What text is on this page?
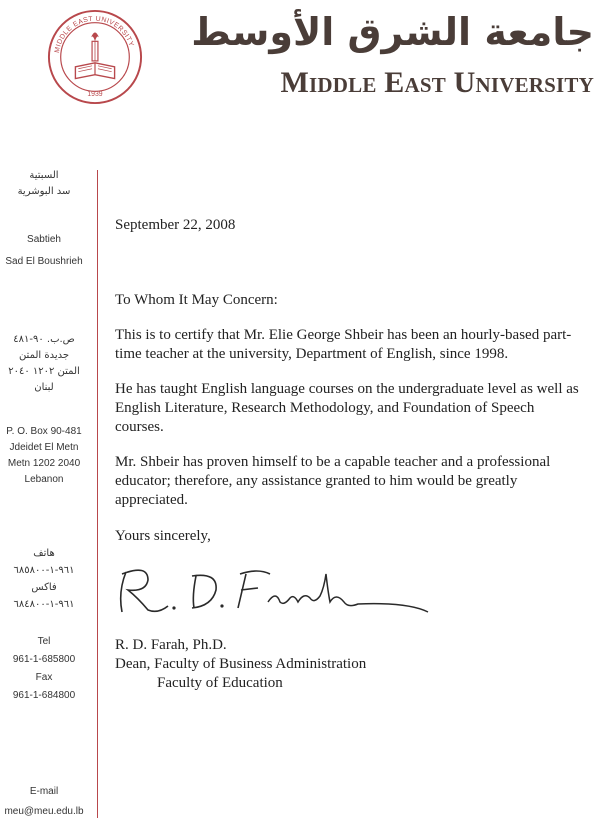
MIDDLE EAST UNIVERSITY
1939
جامعة الشرق الأوسط
Middle East University
السبتية
سد البوشرية
Sabtieh
Sad El Boushrieh
ص.ب. ٩٠-٤٨١
جديدة المتن
المتن ١٢٠٢ ٢٠٤٠
لبنان
P. O. Box 90-481
Jdeidet El Metn
Metn 1202 2040
Lebanon
هاتف
٩٦١-١-٦٨٥٨٠٠
فاكس
٩٦١-١-٦٨٤٨٠٠
Tel
961-1-685800
Fax
961-1-684800
E-mail
meu@meu.edu.lb
September 22, 2008
To Whom It May Concern:
This is to certify that Mr. Elie George Shbeir has been an hourly-based part-time teacher at the university, Department of English, since 1998.
He has taught English language courses on the undergraduate level as well as English Literature, Research Methodology, and Foundation of Speech courses.
Mr. Shbeir has proven himself to be a capable teacher and a professional educator; therefore, any assistance granted to him would be greatly appreciated.
Yours sincerely,

R. D. Farah, Ph.D.

Dean, Faculty of Business Administration

Faculty of Education
